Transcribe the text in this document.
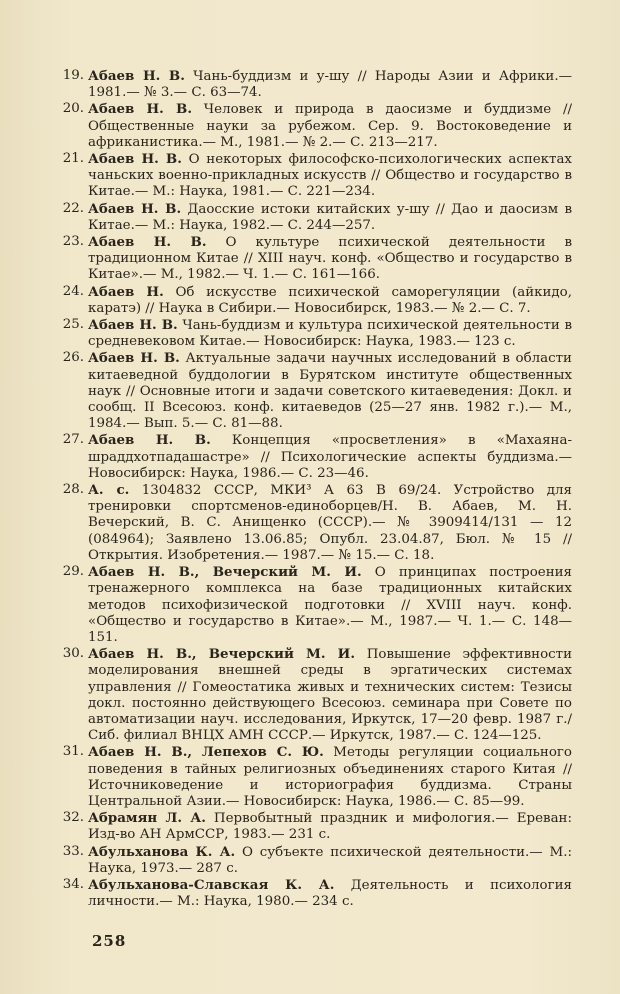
19. Абаев Н. В. Чань-буддизм и у-шу // Народы Азии и Африки.— 1981.— № 3.— С. 63—74.
20. Абаев Н. В. Человек и природа в даосизме и буддизме // Общественные науки за рубежом. Сер. 9. Востоковедение и африканистика.— М., 1981.— № 2.— С. 213—217.
21. Абаев Н. В. О некоторых философско-психологических аспектах чаньских военно-прикладных искусств // Общество и государство в Китае.— М.: Наука, 1981.— С. 221—234.
22. Абаев Н. В. Даосские истоки китайских у-шу // Дао и даосизм в Китае.— М.: Наука, 1982.— С. 244—257.
23. Абаев Н. В. О культуре психической деятельности в традиционном Китае // XIII науч. конф. «Общество и государство в Китае».— М., 1982.— Ч. 1.— С. 161—166.
24. Абаев Н. Об искусстве психической саморегуляции (айкидо, каратэ) // Наука в Сибири.— Новосибирск, 1983.— № 2.— С. 7.
25. Абаев Н. В. Чань-буддизм и культура психической деятельности в средневековом Китае.— Новосибирск: Наука, 1983.— 123 с.
26. Абаев Н. В. Актуальные задачи научных исследований в области китаеведной буддологии в Бурятском институте общественных наук // Основные итоги и задачи советского китаеведения: Докл. и сообщ. II Всесоюз. конф. китаеведов (25—27 янв. 1982 г.).— М., 1984.— Вып. 5.— С. 81—88.
27. Абаев Н. В. Концепция «просветления» в «Махаяна-шраддхотпадашастре» // Психологические аспекты буддизма.— Новосибирск: Наука, 1986.— С. 23—46.
28. А. с. 1304832 СССР, МКИ³ А 63 В 69/24. Устройство для тренировки спортсменов-единоборцев/Н. В. Абаев, М. Н. Вечерский, В. С. Анищенко (СССР).— № 3909414/131 — 12 (084964); Заявлено 13.06.85; Опубл. 23.04.87, Бюл. № 15 // Открытия. Изобретения.— 1987.— № 15.— С. 18.
29. Абаев Н. В., Вечерский М. И. О принципах построения тренажерного комплекса на базе традиционных китайских методов психофизической подготовки // XVIII науч. конф. «Общество и государство в Китае».— М., 1987.— Ч. 1.— С. 148—151.
30. Абаев Н. В., Вечерский М. И. Повышение эффективности моделирования внешней среды в эргатических системах управления // Гомеостатика живых и технических систем: Тезисы докл. постоянно действующего Всесоюз. семинара при Совете по автоматизации науч. исследования, Иркутск, 17—20 февр. 1987 г./Сиб. филиал ВНЦХ АМН СССР.— Иркутск, 1987.— С. 124—125.
31. Абаев Н. В., Лепехов С. Ю. Методы регуляции социального поведения в тайных религиозных объединениях старого Китая // Источниковедение и историография буддизма. Страны Центральной Азии.— Новосибирск: Наука, 1986.— С. 85—99.
32. Абрамян Л. А. Первобытный праздник и мифология.— Ереван: Изд-во АН АрмССР, 1983.— 231 с.
33. Абульханова К. А. О субъекте психической деятельности.— М.: Наука, 1973.— 287 с.
34. Абульханова-Славская К. А. Деятельность и психология личности.— М.: Наука, 1980.— 234 с.
258
